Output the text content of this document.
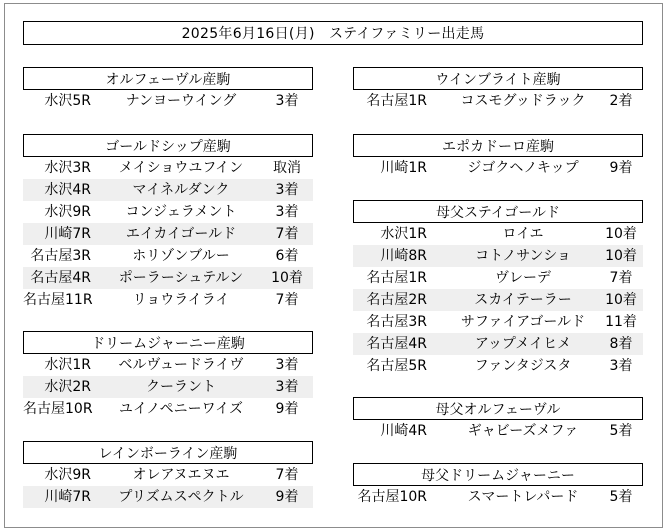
2025年6月16日(月)　ステイファミリー出走馬
オルフェーヴル産駒
水沢5R	ナンヨーウイング	3着
ゴールドシップ産駒
水沢3R	メイショウユフイン	取消
水沢4R	マイネルダンク	3着
水沢9R	コンジェラメント	3着
川崎7R	エイカイゴールド	7着
名古屋3R	ホリゾンブルー	6着
名古屋4R	ポーラーシュテルン	10着
名古屋11R	リョウライライ	7着
ドリームジャーニー産駒
水沢1R	ベルヴュードライヴ	3着
水沢2R	クーラント	3着
名古屋10R	ユイノペニーワイズ	9着
レインボーライン産駒
水沢9R	オレアヌエヌエ	7着
川崎7R	プリズムスペクトル	9着
ウインブライト産駒
名古屋1R	コスモグッドラック	2着
エポカドーロ産駒
川崎1R	ジゴクヘノキップ	9着
母父ステイゴールド
水沢1R	ロイエ	10着
川崎8R	コトノサンショ	10着
名古屋1R	ヴレーデ	7着
名古屋2R	スカイテーラー	10着
名古屋3R	サファイアゴールド	11着
名古屋4R	アップメイヒメ	8着
名古屋5R	ファンタジスタ	3着
母父オルフェーヴル
川崎4R	ギャビーズメファ	5着
母父ドリームジャーニー
名古屋10R	スマートレパード	5着
